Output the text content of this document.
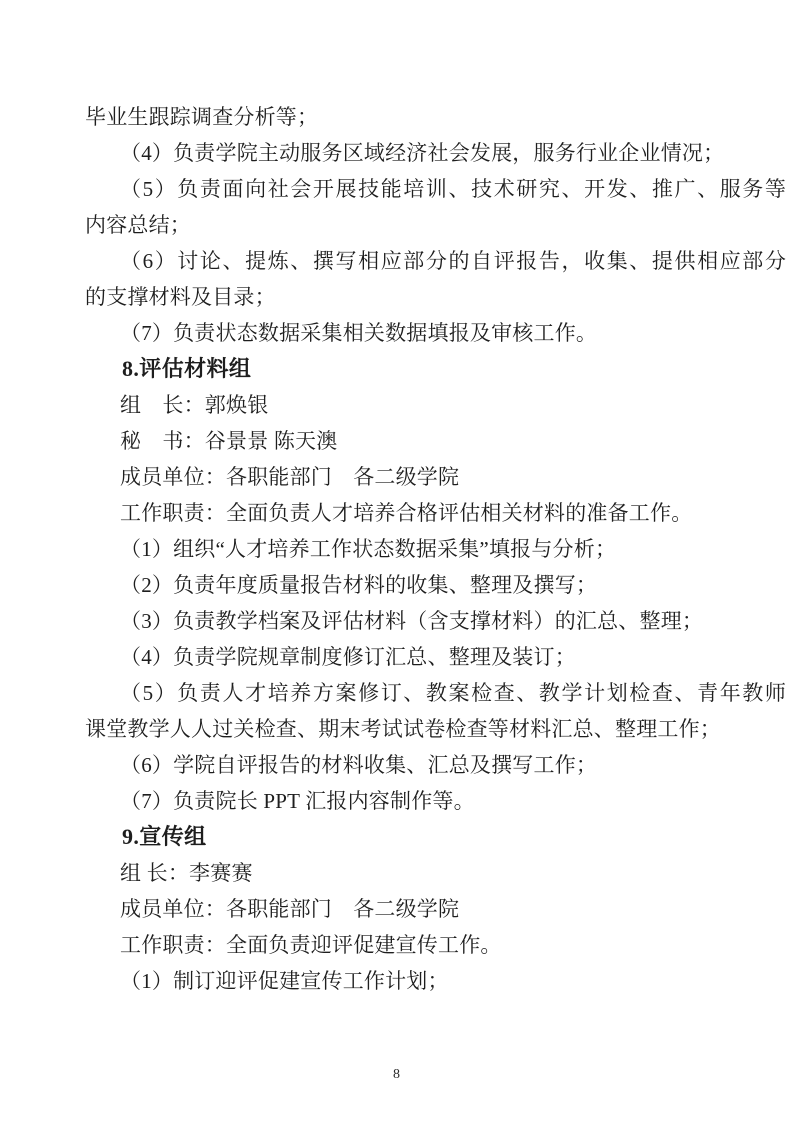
毕业生跟踪调查分析等；
（4）负责学院主动服务区域经济社会发展，服务行业企业情况；
（5）负责面向社会开展技能培训、技术研究、开发、推广、服务等
内容总结；
（6）讨论、提炼、撰写相应部分的自评报告，收集、提供相应部分
的支撑材料及目录；
（7）负责状态数据采集相关数据填报及审核工作。
8.评估材料组
组　长：郭焕银
秘　书：谷景景 陈天澳
成员单位：各职能部门　各二级学院
工作职责：全面负责人才培养合格评估相关材料的准备工作。
（1）组织“人才培养工作状态数据采集”填报与分析；
（2）负责年度质量报告材料的收集、整理及撰写；
（3）负责教学档案及评估材料（含支撑材料）的汇总、整理；
（4）负责学院规章制度修订汇总、整理及装订；
（5）负责人才培养方案修订、教案检查、教学计划检查、青年教师
课堂教学人人过关检查、期末考试试卷检查等材料汇总、整理工作；
（6）学院自评报告的材料收集、汇总及撰写工作；
（7）负责院长 PPT 汇报内容制作等。
9.宣传组
组 长：李赛赛
成员单位：各职能部门　各二级学院
工作职责：全面负责迎评促建宣传工作。
（1）制订迎评促建宣传工作计划；
8
